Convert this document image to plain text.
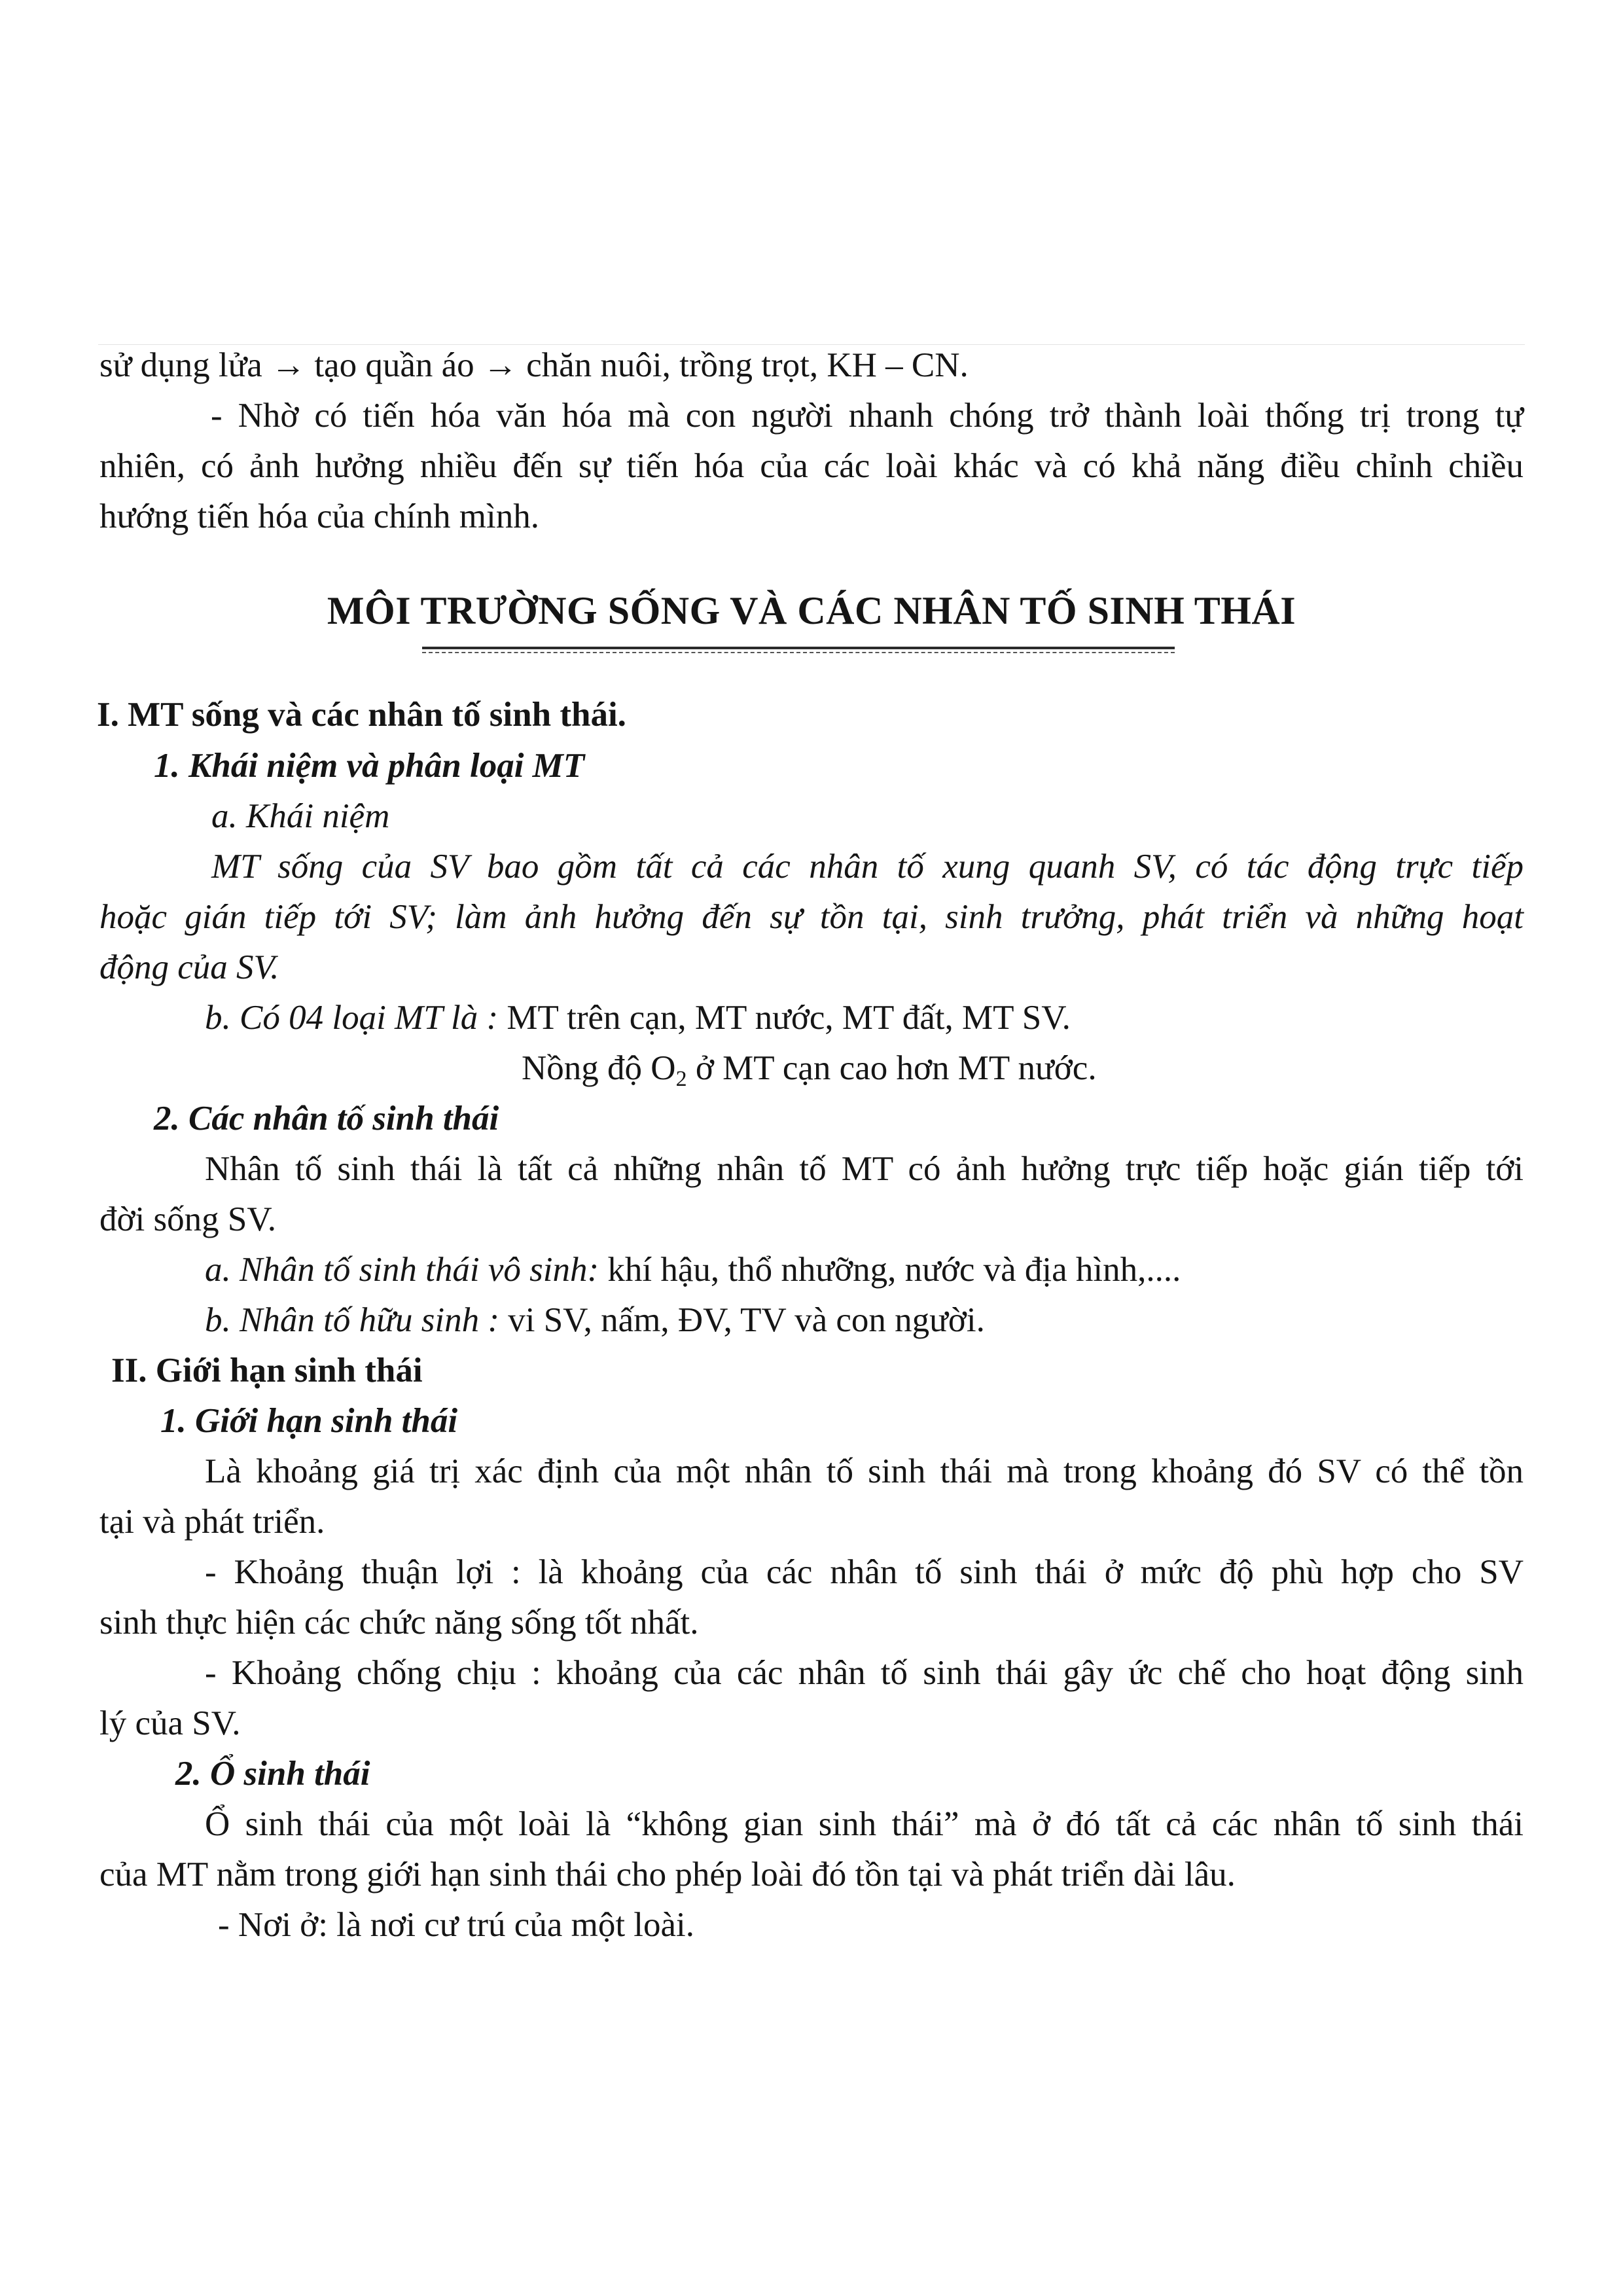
sử dụng lửa → tạo quần áo → chăn nuôi, trồng trọt, KH – CN.
- Nhờ có tiến hóa văn hóa mà con người nhanh chóng trở thành loài thống trị trong tự
nhiên, có ảnh hưởng nhiều đến sự tiến hóa của các loài khác và có khả năng điều chỉnh chiều
hướng tiến hóa của chính mình.
MÔI TRƯỜNG SỐNG VÀ CÁC NHÂN TỐ SINH THÁI
I. MT sống và các nhân tố sinh thái.
1. Khái niệm và phân loại MT
a. Khái niệm
MT sống của SV bao gồm tất cả các nhân tố xung quanh SV, có tác động trực tiếp
hoặc gián tiếp tới SV; làm ảnh hưởng đến sự tồn tại, sinh trưởng, phát triển và những hoạt
động của SV.
b. Có 04 loại MT là : MT trên cạn, MT nước, MT đất, MT SV.
Nồng độ $O_2$ ở MT cạn cao hơn MT nước.
2. Các nhân tố sinh thái
Nhân tố sinh thái là tất cả những nhân tố MT có ảnh hưởng trực tiếp hoặc gián tiếp tới
đời sống SV.
a. Nhân tố sinh thái vô sinh: khí hậu, thổ nhưỡng, nước và địa hình,....
b. Nhân tố hữu sinh : vi SV, nấm, ĐV, TV và con người.
II. Giới hạn sinh thái
1. Giới hạn sinh thái
Là khoảng giá trị xác định của một nhân tố sinh thái mà trong khoảng đó SV có thể tồn
tại và phát triển.
- Khoảng thuận lợi : là khoảng của các nhân tố sinh thái ở mức độ phù hợp cho SV
sinh thực hiện các chức năng sống tốt nhất.
- Khoảng chống chịu : khoảng của các nhân tố sinh thái gây ức chế cho hoạt động sinh
lý của SV.
2. Ổ sinh thái
Ổ sinh thái của một loài là “không gian sinh thái” mà ở đó tất cả các nhân tố sinh thái
của MT nằm trong giới hạn sinh thái cho phép loài đó tồn tại và phát triển dài lâu.
- Nơi ở: là nơi cư trú của một loài.
